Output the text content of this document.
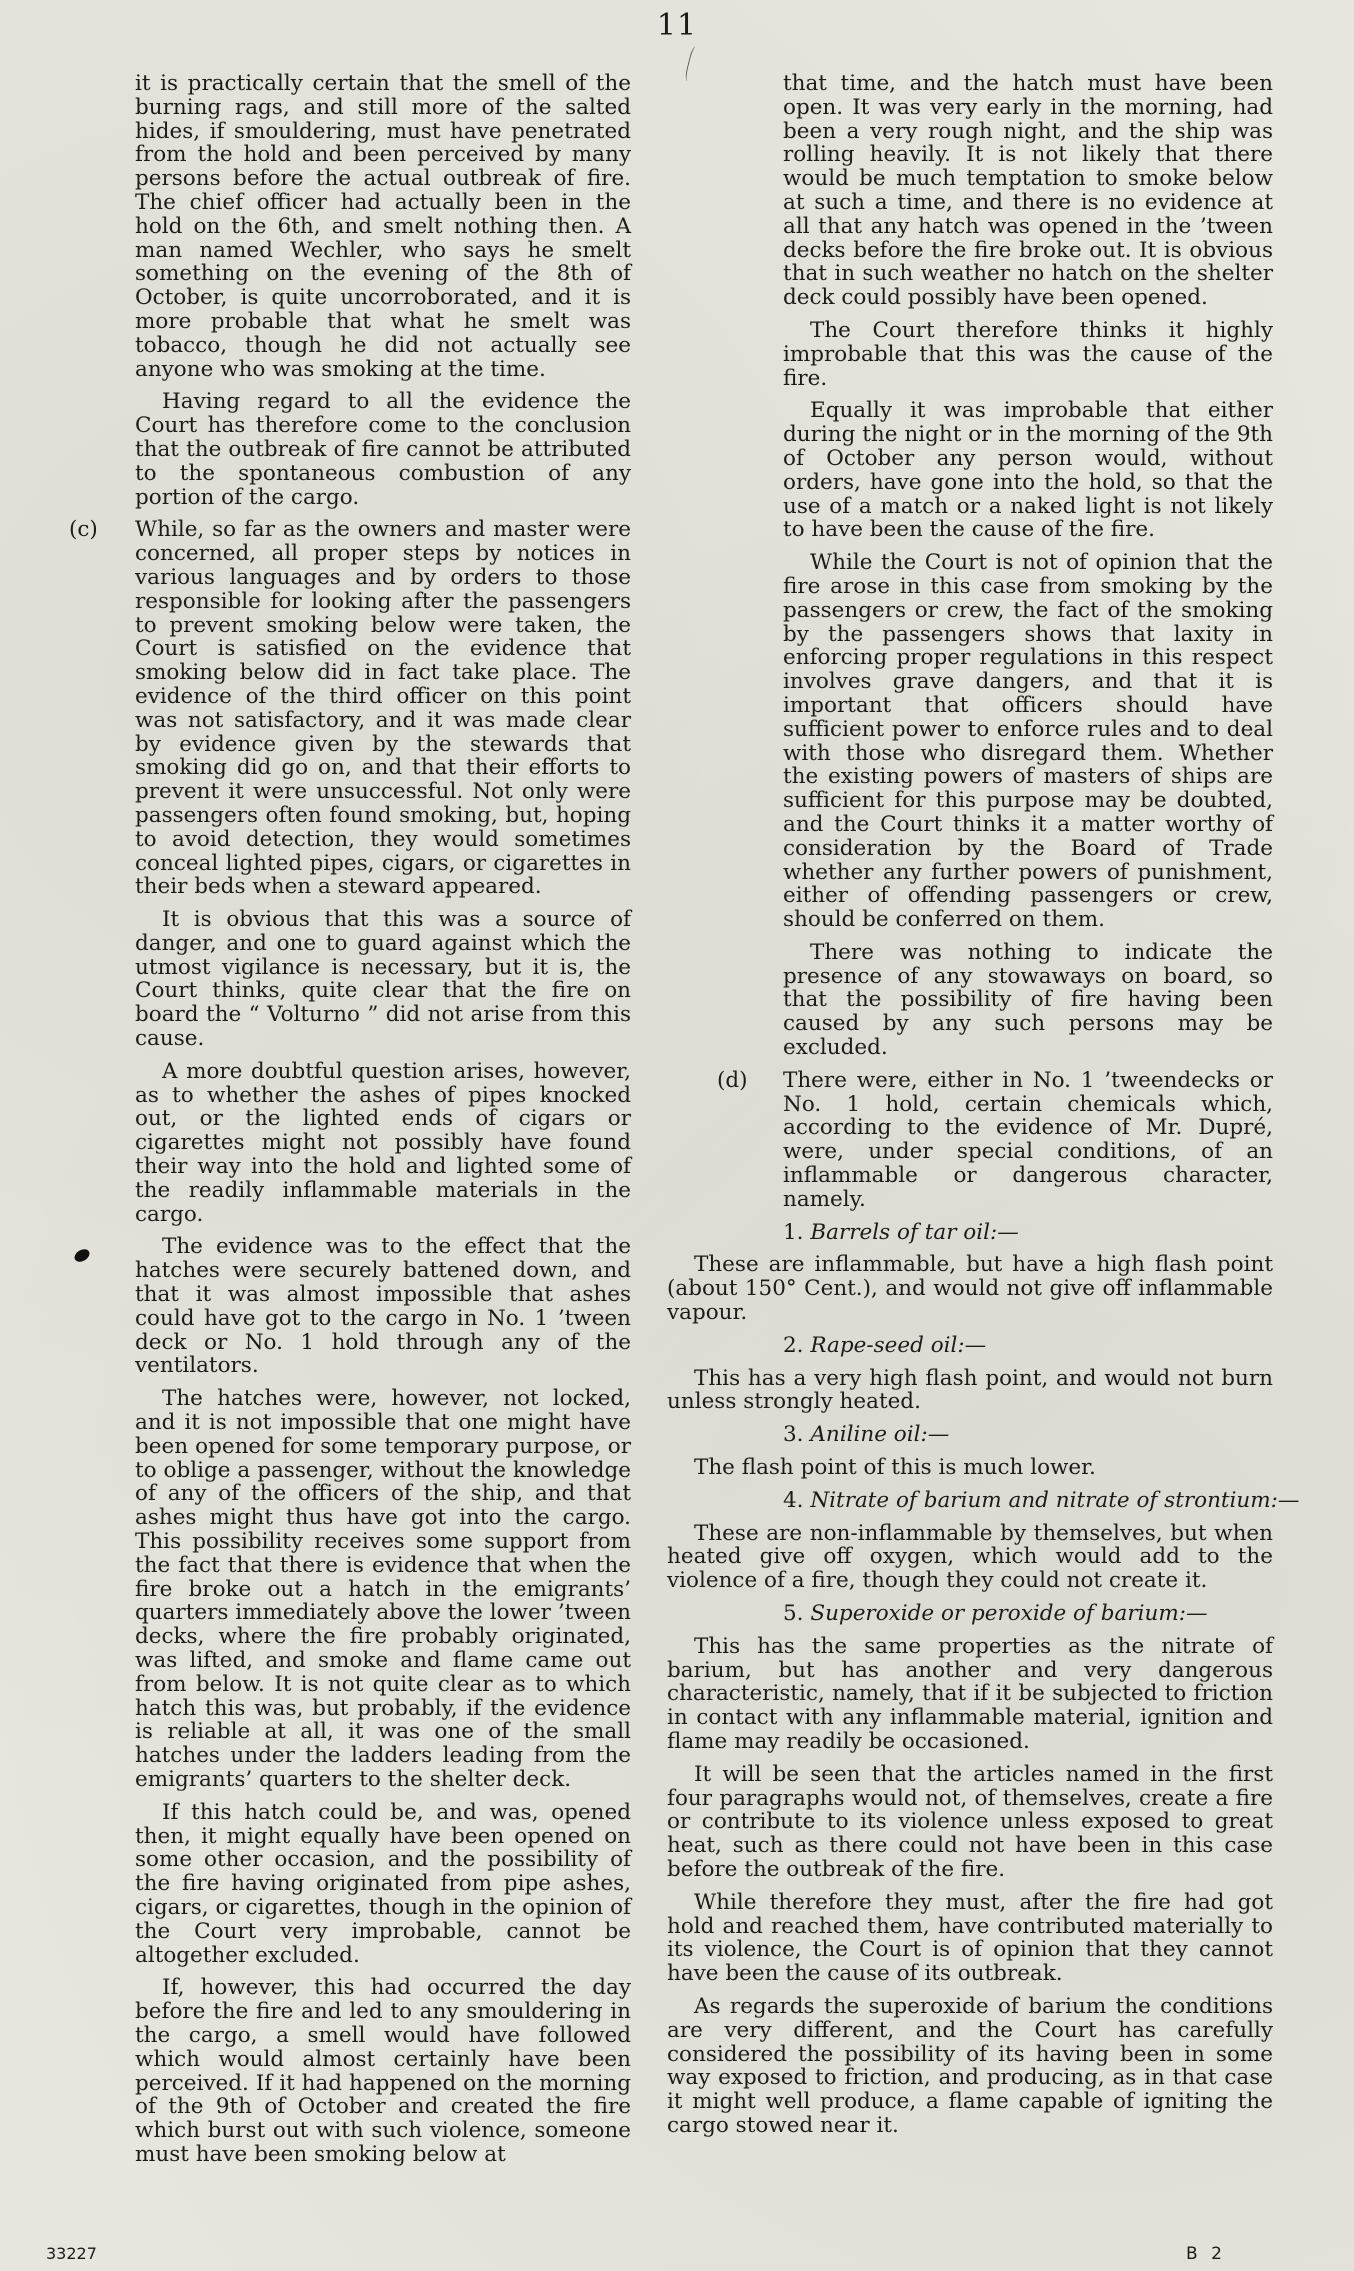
11

it is practically certain that the smell of the burning rags, and still more of the salted hides, if smouldering, must have penetrated from the hold and been perceived by many persons before the actual outbreak of fire. The chief officer had actually been in the hold on the 6th, and smelt nothing then. A man named Wechler, who says he smelt something on the evening of the 8th of October, is quite uncorroborated, and it is more probable that what he smelt was tobacco, though he did not actually see anyone who was smoking at the time.

Having regard to all the evidence the Court has therefore come to the conclusion that the outbreak of fire cannot be attributed to the spontaneous combustion of any portion of the cargo.

(c) While, so far as the owners and master were concerned, all proper steps by notices in various languages and by orders to those responsible for looking after the passengers to prevent smoking below were taken, the Court is satisfied on the evidence that smoking below did in fact take place. The evidence of the third officer on this point was not satisfactory, and it was made clear by evidence given by the stewards that smoking did go on, and that their efforts to prevent it were unsuccessful. Not only were passengers often found smoking, but, hoping to avoid detection, they would sometimes conceal lighted pipes, cigars, or cigarettes in their beds when a steward appeared.

It is obvious that this was a source of danger, and one to guard against which the utmost vigilance is necessary, but it is, the Court thinks, quite clear that the fire on board the “ Volturno ” did not arise from this cause.

A more doubtful question arises, however, as to whether the ashes of pipes knocked out, or the lighted ends of cigars or cigarettes might not possibly have found their way into the hold and lighted some of the readily inflammable materials in the cargo.

The evidence was to the effect that the hatches were securely battened down, and that it was almost impossible that ashes could have got to the cargo in No. 1 ’tween deck or No. 1 hold through any of the ventilators.

The hatches were, however, not locked, and it is not impossible that one might have been opened for some temporary purpose, or to oblige a passenger, without the knowledge of any of the officers of the ship, and that ashes might thus have got into the cargo. This possibility receives some support from the fact that there is evidence that when the fire broke out a hatch in the emigrants’ quarters immediately above the lower ’tween decks, where the fire probably originated, was lifted, and smoke and flame came out from below. It is not quite clear as to which hatch this was, but probably, if the evidence is reliable at all, it was one of the small hatches under the ladders leading from the emigrants’ quarters to the shelter deck.

If this hatch could be, and was, opened then, it might equally have been opened on some other occasion, and the possibility of the fire having originated from pipe ashes, cigars, or cigarettes, though in the opinion of the Court very improbable, cannot be altogether excluded.

If, however, this had occurred the day before the fire and led to any smouldering in the cargo, a smell would have followed which would almost certainly have been perceived. If it had happened on the morning of the 9th of October and created the fire which burst out with such violence, someone must have been smoking below at

that time, and the hatch must have been open. It was very early in the morning, had been a very rough night, and the ship was rolling heavily. It is not likely that there would be much temptation to smoke below at such a time, and there is no evidence at all that any hatch was opened in the ’tween decks before the fire broke out. It is obvious that in such weather no hatch on the shelter deck could possibly have been opened.

The Court therefore thinks it highly improbable that this was the cause of the fire.

Equally it was improbable that either during the night or in the morning of the 9th of October any person would, without orders, have gone into the hold, so that the use of a match or a naked light is not likely to have been the cause of the fire.

While the Court is not of opinion that the fire arose in this case from smoking by the passengers or crew, the fact of the smoking by the passengers shows that laxity in enforcing proper regulations in this respect involves grave dangers, and that it is important that officers should have sufficient power to enforce rules and to deal with those who disregard them. Whether the existing powers of masters of ships are sufficient for this purpose may be doubted, and the Court thinks it a matter worthy of consideration by the Board of Trade whether any further powers of punishment, either of offending passengers or crew, should be conferred on them.

There was nothing to indicate the presence of any stowaways on board, so that the possibility of fire having been caused by any such persons may be excluded.

(d) There were, either in No. 1 ’tweendecks or No. 1 hold, certain chemicals which, according to the evidence of Mr. Dupré, were, under special conditions, of an inflammable or dangerous character, namely.

1. Barrels of tar oil:—

These are inflammable, but have a high flash point (about 150° Cent.), and would not give off inflammable vapour.

2. Rape-seed oil:—

This has a very high flash point, and would not burn unless strongly heated.

3. Aniline oil:—

The flash point of this is much lower.

4. Nitrate of barium and nitrate of strontium:—

These are non-inflammable by themselves, but when heated give off oxygen, which would add to the violence of a fire, though they could not create it.

5. Superoxide or peroxide of barium:—

This has the same properties as the nitrate of barium, but has another and very dangerous characteristic, namely, that if it be subjected to friction in contact with any inflammable material, ignition and flame may readily be occasioned.

It will be seen that the articles named in the first four paragraphs would not, of themselves, create a fire or contribute to its violence unless exposed to great heat, such as there could not have been in this case before the outbreak of the fire.

While therefore they must, after the fire had got hold and reached them, have contributed materially to its violence, the Court is of opinion that they cannot have been the cause of its outbreak.

As regards the superoxide of barium the conditions are very different, and the Court has carefully considered the possibility of its having been in some way exposed to friction, and producing, as in that case it might well produce, a flame capable of igniting the cargo stowed near it.

33227	B 2
